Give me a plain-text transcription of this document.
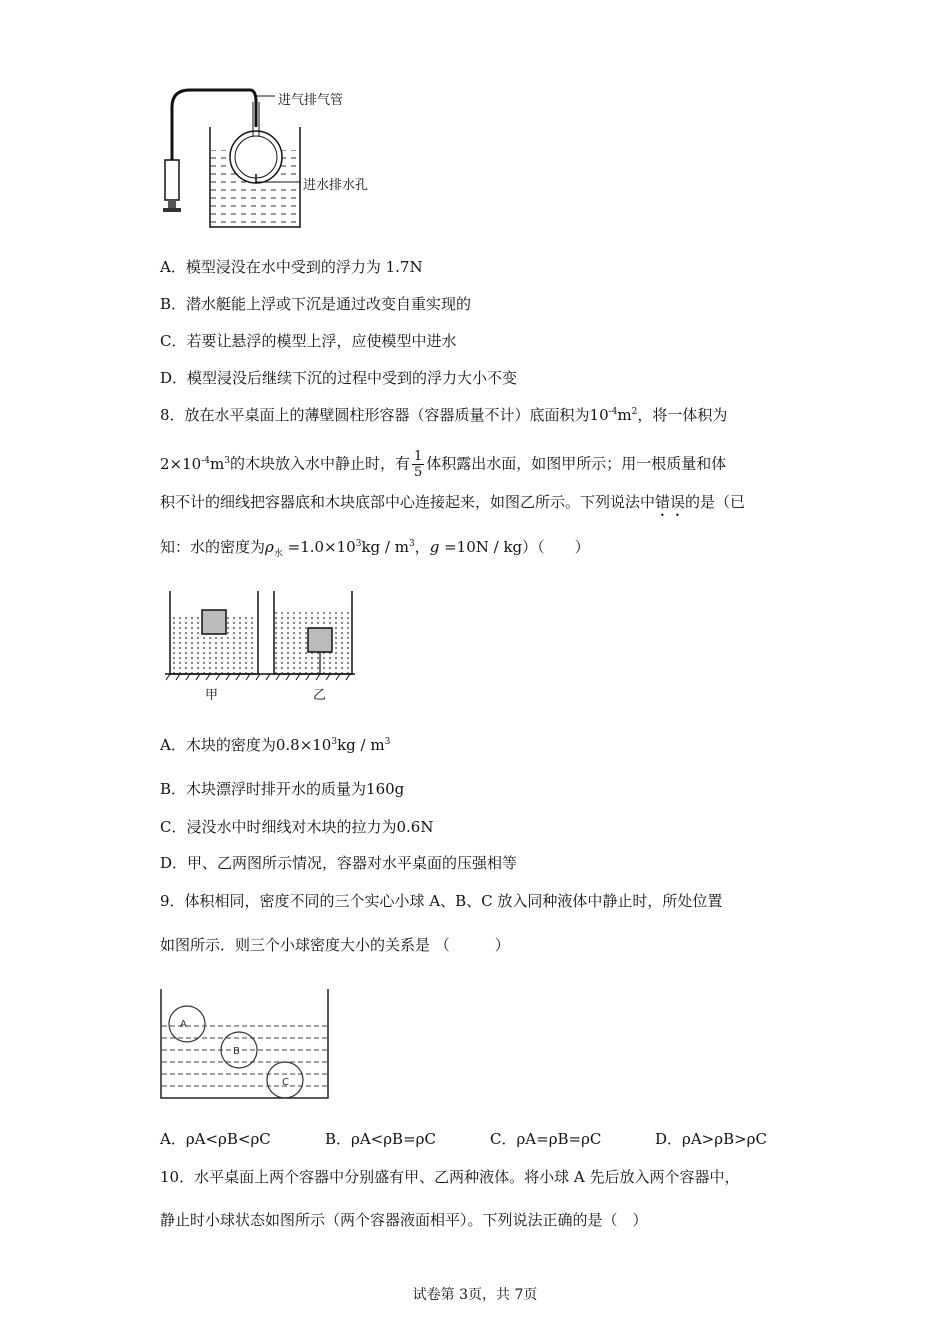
进气排气管
进水排水孔
A．模型浸没在水中受到的浮力为 1.7N
B．潜水艇能上浮或下沉是通过改变自重实现的
C．若要让悬浮的模型上浮，应使模型中进水
D．模型浸没后继续下沉的过程中受到的浮力大小不变
8．放在水平桌面上的薄壁圆柱形容器（容器质量不计）底面积为$10^{-4}m^2$，将一体积为
$2\times 10^{-4}m^3$的木块放入水中静止时，有 $\frac{1}{5}$ 体积露出水面，如图甲所示；用一根质量和体
积不计的细线把容器底和木块底部中心连接起来，如图乙所示。下列说法中错误的是（已
知：水的密度为$\rho_水 =1.0\times 10^3kg / m^3$，g =10N / kg）（　　）
甲	乙
A．木块的密度为$0.8\times 10^3kg / m^3$
B．木块漂浮时排开水的质量为160g
C．浸没水中时细线对木块的拉力为0.6N
D．甲、乙两图所示情况，容器对水平桌面的压强相等
9．体积相同，密度不同的三个实心小球 A、B、C 放入同种液体中静止时，所处位置
如图所示．则三个小球密度大小的关系是 （　　　）
A
B
C
A．ρA<ρB<ρC	B．ρA<ρB=ρC	C．ρA=ρB=ρC	D．ρA>ρB>ρC
10．水平桌面上两个容器中分别盛有甲、乙两种液体。将小球 A 先后放入两个容器中，
静止时小球状态如图所示（两个容器液面相平）。下列说法正确的是（　）
试卷第 3页，共 7页
